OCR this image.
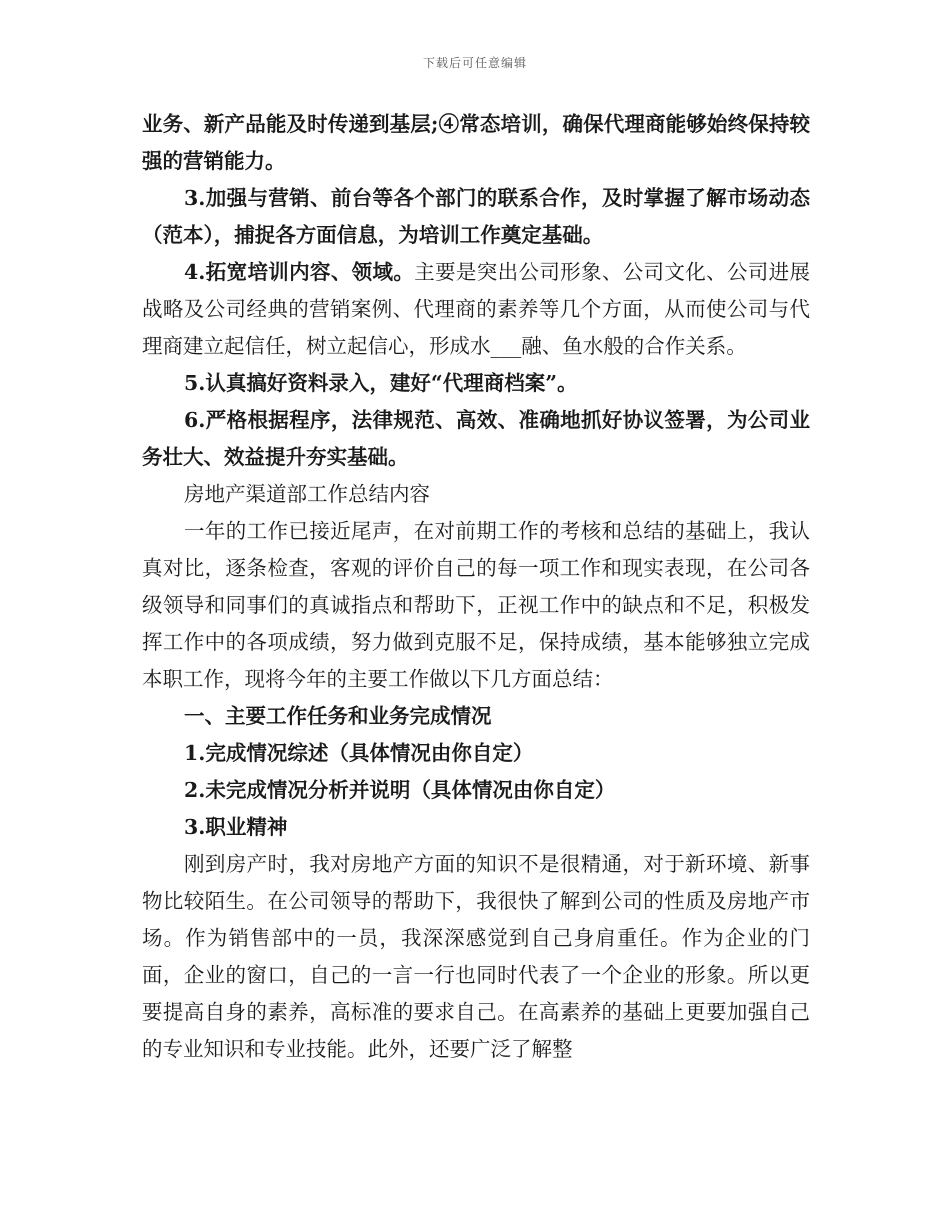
下载后可任意编辑

业务、新产品能及时传递到基层;④常态培训，确保代理商能够始终保持较强的营销能力。

3.加强与营销、前台等各个部门的联系合作，及时掌握了解市场动态（范本），捕捉各方面信息，为培训工作奠定基础。

4.拓宽培训内容、领域。主要是突出公司形象、公司文化、公司进展战略及公司经典的营销案例、代理商的素养等几个方面，从而使公司与代理商建立起信任，树立起信心，形成水___融、鱼水般的合作关系。

5.认真搞好资料录入，建好“代理商档案”。

6.严格根据程序，法律规范、高效、准确地抓好协议签署，为公司业务壮大、效益提升夯实基础。

房地产渠道部工作总结内容

一年的工作已接近尾声，在对前期工作的考核和总结的基础上，我认真对比，逐条检查，客观的评价自己的每一项工作和现实表现，在公司各级领导和同事们的真诚指点和帮助下，正视工作中的缺点和不足，积极发挥工作中的各项成绩，努力做到克服不足，保持成绩，基本能够独立完成本职工作，现将今年的主要工作做以下几方面总结：

一、主要工作任务和业务完成情况

1.完成情况综述（具体情况由你自定）

2.未完成情况分析并说明（具体情况由你自定）

3.职业精神

刚到房产时，我对房地产方面的知识不是很精通，对于新环境、新事物比较陌生。在公司领导的帮助下，我很快了解到公司的性质及房地产市场。作为销售部中的一员，我深深感觉到自己身肩重任。作为企业的门面，企业的窗口，自己的一言一行也同时代表了一个企业的形象。所以更要提高自身的素养，高标准的要求自己。在高素养的基础上更要加强自己的专业知识和专业技能。此外，还要广泛了解整
